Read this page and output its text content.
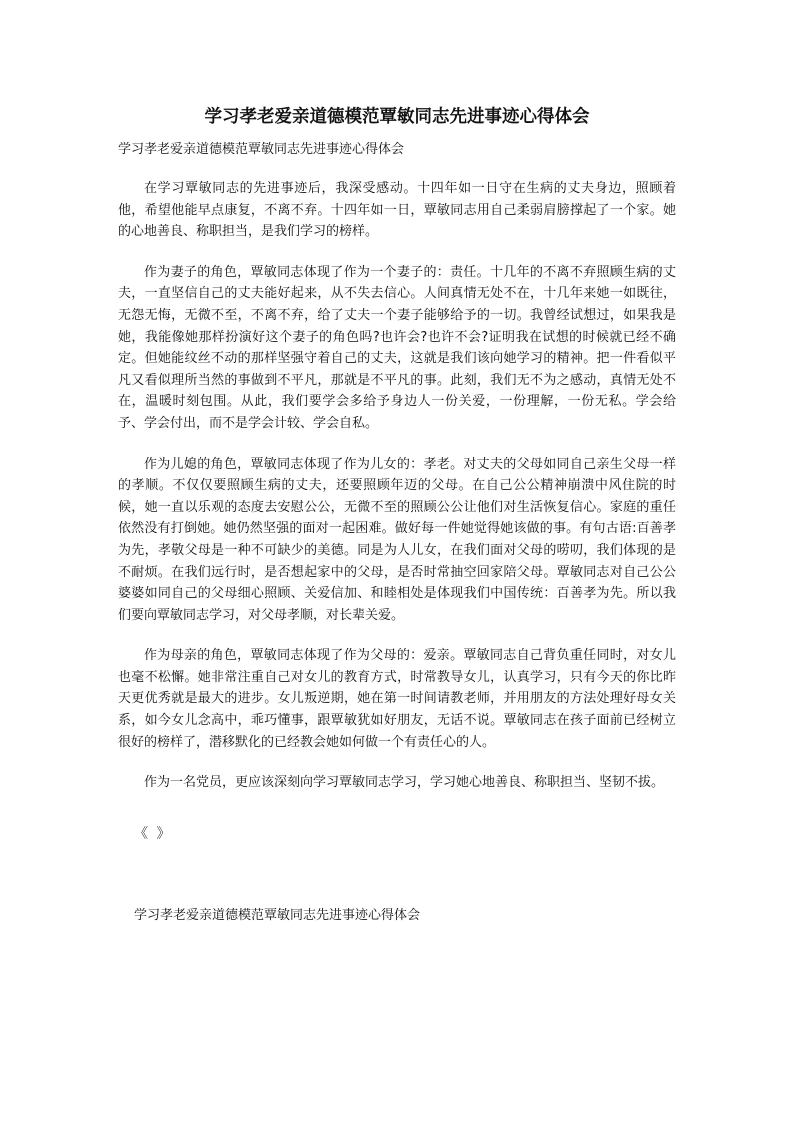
学习孝老爱亲道德模范覃敏同志先进事迹心得体会

学习孝老爱亲道德模范覃敏同志先进事迹心得体会

在学习覃敏同志的先进事迹后，我深受感动。十四年如一日守在生病的丈夫身边，照顾着他，希望他能早点康复，不离不弃。十四年如一日，覃敏同志用自己柔弱肩膀撑起了一个家。她的心地善良、称职担当，是我们学习的榜样。

作为妻子的角色，覃敏同志体现了作为一个妻子的：责任。十几年的不离不弃照顾生病的丈夫，一直坚信自己的丈夫能好起来，从不失去信心。人间真情无处不在，十几年来她一如既往，无怨无悔，无微不至，不离不弃，给了丈夫一个妻子能够给予的一切。我曾经试想过，如果我是她，我能像她那样扮演好这个妻子的角色吗?也许会?也许不会?证明我在试想的时候就已经不确定。但她能纹丝不动的那样坚强守着自己的丈夫，这就是我们该向她学习的精神。把一件看似平凡又看似理所当然的事做到不平凡，那就是不平凡的事。此刻，我们无不为之感动，真情无处不在，温暖时刻包围。从此，我们要学会多给予身边人一份关爱，一份理解，一份无私。学会给予、学会付出，而不是学会计较、学会自私。

作为儿媳的角色，覃敏同志体现了作为儿女的：孝老。对丈夫的父母如同自己亲生父母一样的孝顺。不仅仅要照顾生病的丈夫，还要照顾年迈的父母。在自己公公精神崩溃中风住院的时候，她一直以乐观的态度去安慰公公，无微不至的照顾公公让他们对生活恢复信心。家庭的重任依然没有打倒她。她仍然坚强的面对一起困难。做好每一件她觉得她该做的事。有句古语:百善孝为先，孝敬父母是一种不可缺少的美德。同是为人儿女，在我们面对父母的唠叨，我们体现的是不耐烦。在我们远行时，是否想起家中的父母，是否时常抽空回家陪父母。覃敏同志对自己公公婆婆如同自己的父母细心照顾、关爱信加、和睦相处是体现我们中国传统：百善孝为先。所以我们要向覃敏同志学习，对父母孝顺，对长辈关爱。

作为母亲的角色，覃敏同志体现了作为父母的：爱亲。覃敏同志自己背负重任同时，对女儿也毫不松懈。她非常注重自己对女儿的教育方式，时常教导女儿，认真学习，只有今天的你比昨天更优秀就是最大的进步。女儿叛逆期，她在第一时间请教老师，并用朋友的方法处理好母女关系，如今女儿念高中，乖巧懂事，跟覃敏犹如好朋友，无话不说。覃敏同志在孩子面前已经树立很好的榜样了，潜移默化的已经教会她如何做一个有责任心的人。

作为一名党员，更应该深刻向学习覃敏同志学习，学习她心地善良、称职担当、坚韧不拔。

《 》

学习孝老爱亲道德模范覃敏同志先进事迹心得体会
